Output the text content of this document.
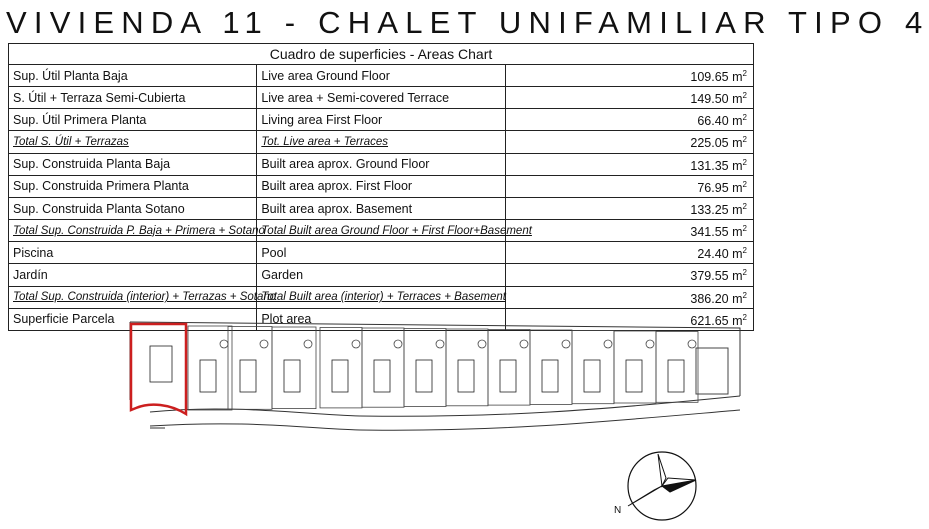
VIVIENDA 11 - CHALET UNIFAMILIAR TIPO 4
Cuadro de superficies - Areas Chart		
Sup. Útil Planta Baja	Live area Ground Floor	109.65 $m^2$
S. Útil + Terraza Semi-Cubierta	Live area + Semi-covered Terrace	149.50 $m^2$
Sup. Útil Primera Planta	Living area First Floor	66.40 $m^2$
Total S. Útil + Terrazas	Tot. Live area + Terraces	225.05 $m^2$
Sup. Construida Planta Baja	Built area aprox. Ground Floor	131.35 $m^2$
Sup. Construida Primera Planta	Built area aprox. First Floor	76.95 $m^2$
Sup. Construida Planta Sotano	Built area aprox. Basement	133.25 $m^2$
Total Sup. Construida P. Baja + Primera + Sotano	Total Built area Ground Floor + First Floor+Basement	341.55 $m^2$
Piscina	Pool	24.40 $m^2$
Jardín	Garden	379.55 $m^2$
Total Sup. Construida (interior) + Terrazas + Sotano	Total Built area (interior) + Terraces + Basement	386.20 $m^2$
Superficie Parcela	Plot area	621.65 $m^2$
N
